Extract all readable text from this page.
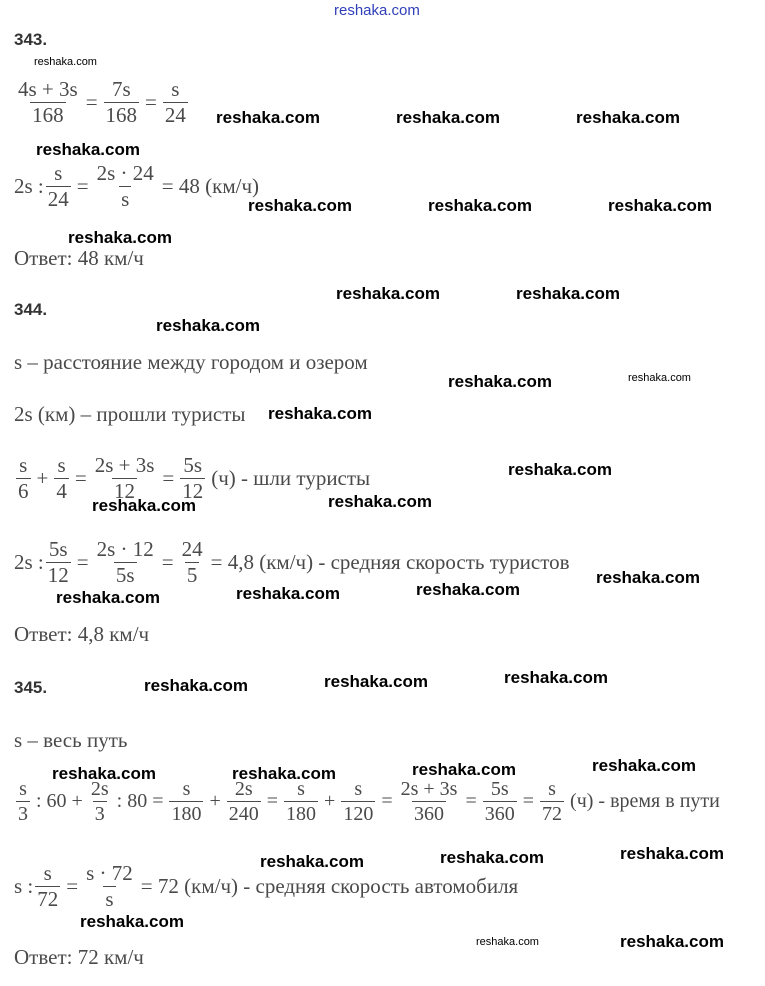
reshaka.com
343.
$\frac{4s + 3s}{168} = \frac{7s}{168} = \frac{s}{24}$
2s : $\frac{s}{24} = \frac{2s \cdot 24}{s} = 48$ (км/ч)
Ответ: 48 км/ч
344.
s – расстояние между городом и озером
2s (км) – прошли туристы
$\frac{s}{6} + \frac{s}{4} = \frac{2s + 3s}{12} = \frac{5s}{12} (ч)$ - шли туристы
2s : $\frac{5s}{12} = \frac{2s \cdot 12}{5s} = \frac{24}{5} = 4,8$ (км/ч) - средняя скорость туристов
Ответ: 4,8 км/ч
345.
s – весь путь
$\frac{s}{3}$ : $60 + \frac{2s}{3}$ : $80 = \frac{s}{180} + \frac{2s}{240} = \frac{s}{180} + \frac{s}{120} = \frac{2s + 3s}{360} = \frac{5s}{360} = \frac{s}{72} (ч)$ - время в пути
s : $\frac{s}{72} = \frac{s \cdot 72}{s} = 72$ (км/ч) - средняя скорость автомобиля
Ответ: 72 км/ч
reshaka.com
reshaka.com	reshaka.com	reshaka.com
reshaka.com
reshaka.com	reshaka.com	reshaka.com
reshaka.com
reshaka.com	reshaka.com
reshaka.com
reshaka.com	reshaka.com
reshaka.com
reshaka.com
reshaka.com	reshaka.com
reshaka.com
reshaka.com	reshaka.com	reshaka.com
reshaka.com	reshaka.com	reshaka.com
reshaka.com	reshaka.com	reshaka.com	reshaka.com
reshaka.com	reshaka.com	reshaka.com
reshaka.com
reshaka.com	reshaka.com
